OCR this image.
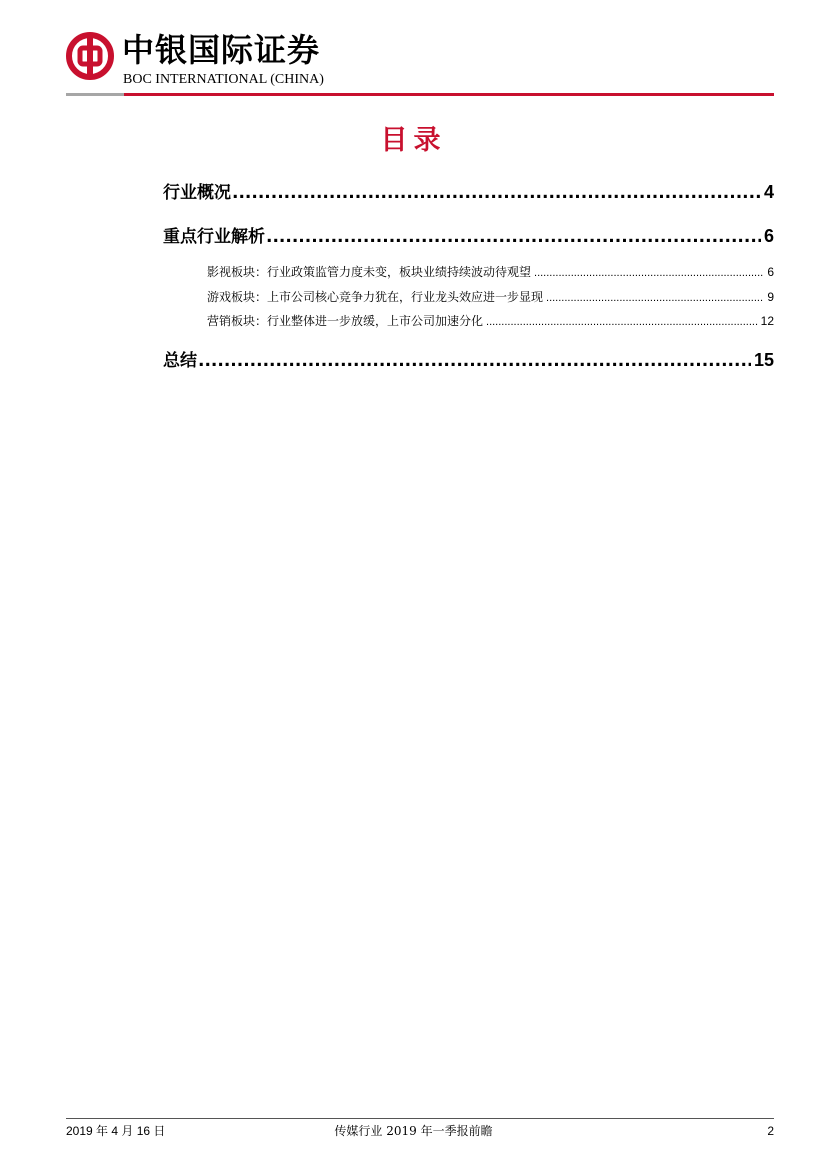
中银国际证券
BOC INTERNATIONAL (CHINA)
目录
行业概况 .....	4
重点行业解析 .....	6
影视板块：行业政策监管力度未变，板块业绩持续波动待观望 .....	6
游戏板块：上市公司核心竞争力犹在，行业龙头效应进一步显现 .....	9
营销板块：行业整体进一步放缓，上市公司加速分化 .....	12
总结 .....	15
2019 年 4 月 16 日	传媒行业 2019 年一季报前瞻	2
